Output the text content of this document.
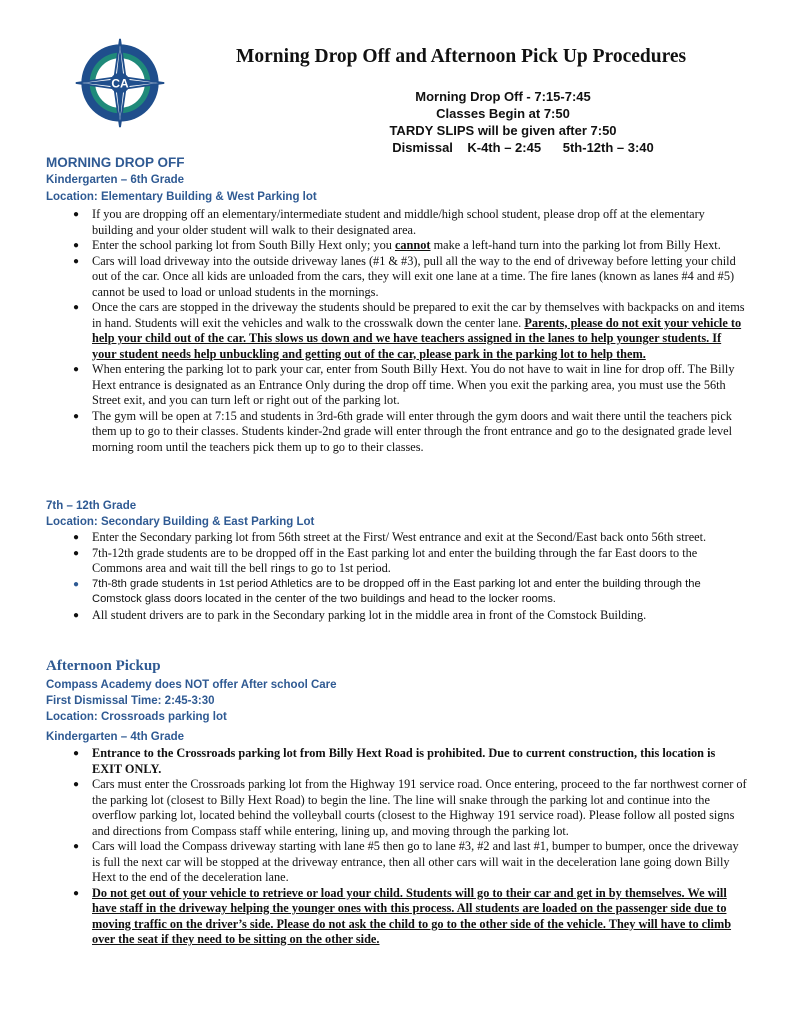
CA
Morning Drop Off and Afternoon Pick Up Procedures
Morning Drop Off - 7:15-7:45
Classes Begin at 7:50
TARDY SLIPS will be given after 7:50
Dismissal K-4th – 2:45 5th-12th – 3:40
MORNING DROP OFF
Kindergarten – 6th Grade
Location: Elementary Building & West Parking lot
● If you are dropping off an elementary/intermediate student and middle/high school student, please drop off at the elementary building and your older student will walk to their designated area.
● Enter the school parking lot from South Billy Hext only; you cannot make a left-hand turn into the parking lot from Billy Hext.
● Cars will load driveway into the outside driveway lanes (#1 & #3), pull all the way to the end of driveway before letting your child out of the car. Once all kids are unloaded from the cars, they will exit one lane at a time. The fire lanes (known as lanes #4 and #5) cannot be used to load or unload students in the mornings.
● Once the cars are stopped in the driveway the students should be prepared to exit the car by themselves with backpacks on and items in hand. Students will exit the vehicles and walk to the crosswalk down the center lane. Parents, please do not exit your vehicle to help your child out of the car. This slows us down and we have teachers assigned in the lanes to help younger students. If your student needs help unbuckling and getting out of the car, please park in the parking lot to help them.
● When entering the parking lot to park your car, enter from South Billy Hext. You do not have to wait in line for drop off. The Billy Hext entrance is designated as an Entrance Only during the drop off time. When you exit the parking area, you must use the 56th Street exit, and you can turn left or right out of the parking lot.
● The gym will be open at 7:15 and students in 3rd-6th grade will enter through the gym doors and wait there until the teachers pick them up to go to their classes. Students kinder-2nd grade will enter through the front entrance and go to the designated grade level morning room until the teachers pick them up to go to their classes.
7th – 12th Grade
Location: Secondary Building & East Parking Lot
● Enter the Secondary parking lot from 56th street at the First/ West entrance and exit at the Second/East back onto 56th street.
● 7th-12th grade students are to be dropped off in the East parking lot and enter the building through the far East doors to the Commons area and wait till the bell rings to go to 1st period.
● 7th-8th grade students in 1st period Athletics are to be dropped off in the East parking lot and enter the building through the Comstock glass doors located in the center of the two buildings and head to the locker rooms.
● All student drivers are to park in the Secondary parking lot in the middle area in front of the Comstock Building.
Afternoon Pickup
Compass Academy does NOT offer After school Care
First Dismissal Time: 2:45-3:30
Location: Crossroads parking lot
Kindergarten – 4th Grade
● Entrance to the Crossroads parking lot from Billy Hext Road is prohibited. Due to current construction, this location is EXIT ONLY.
● Cars must enter the Crossroads parking lot from the Highway 191 service road. Once entering, proceed to the far northwest corner of the parking lot (closest to Billy Hext Road) to begin the line. The line will snake through the parking lot and continue into the overflow parking lot, located behind the volleyball courts (closest to the Highway 191 service road). Please follow all posted signs and directions from Compass staff while entering, lining up, and moving through the parking lot.
● Cars will load the Compass driveway starting with lane #5 then go to lane #3, #2 and last #1, bumper to bumper, once the driveway is full the next car will be stopped at the driveway entrance, then all other cars will wait in the deceleration lane going down Billy Hext to the end of the deceleration lane.
● Do not get out of your vehicle to retrieve or load your child. Students will go to their car and get in by themselves. We will have staff in the driveway helping the younger ones with this process. All students are loaded on the passenger side due to moving traffic on the driver’s side. Please do not ask the child to go to the other side of the vehicle. They will have to climb over the seat if they need to be sitting on the other side.
